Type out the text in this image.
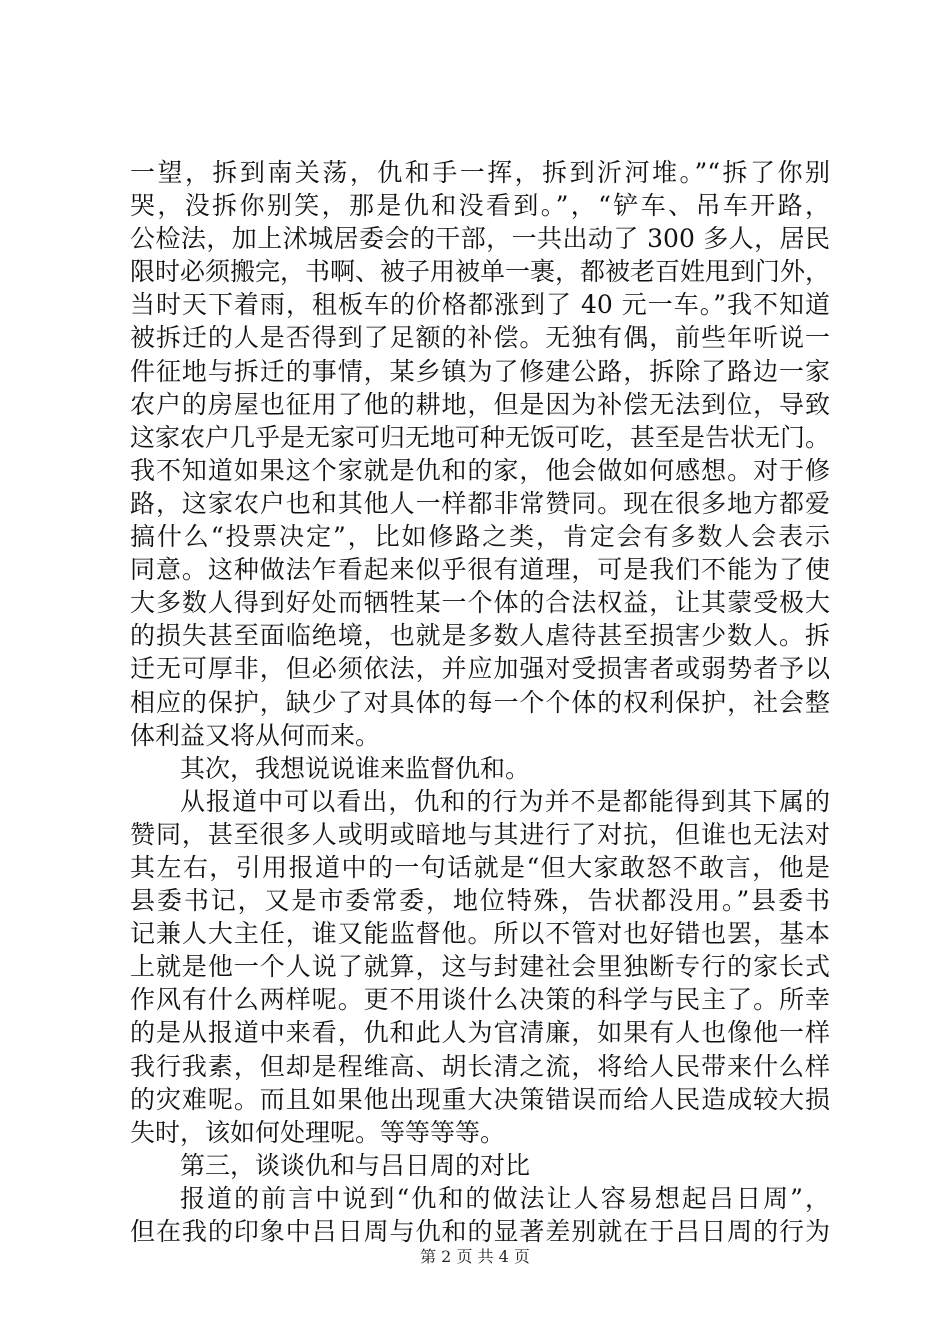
一望，拆到南关荡，仇和手一挥，拆到沂河堆。”“拆了你别
哭，没拆你别笑，那是仇和没看到。”，“铲车、吊车开路，
公检法，加上沭城居委会的干部，一共出动了 300 多人，居民
限时必须搬完，书啊、被子用被单一裹，都被老百姓甩到门外，
当时天下着雨，租板车的价格都涨到了 40 元一车。”我不知道
被拆迁的人是否得到了足额的补偿。无独有偶，前些年听说一
件征地与拆迁的事情，某乡镇为了修建公路，拆除了路边一家
农户的房屋也征用了他的耕地，但是因为补偿无法到位，导致
这家农户几乎是无家可归无地可种无饭可吃，甚至是告状无门。
我不知道如果这个家就是仇和的家，他会做如何感想。对于修
路，这家农户也和其他人一样都非常赞同。现在很多地方都爱
搞什么“投票决定”，比如修路之类，肯定会有多数人会表示
同意。这种做法乍看起来似乎很有道理，可是我们不能为了使
大多数人得到好处而牺牲某一个体的合法权益，让其蒙受极大
的损失甚至面临绝境，也就是多数人虐待甚至损害少数人。拆
迁无可厚非，但必须依法，并应加强对受损害者或弱势者予以
相应的保护，缺少了对具体的每一个个体的权利保护，社会整
体利益又将从何而来。
其次，我想说说谁来监督仇和。
从报道中可以看出，仇和的行为并不是都能得到其下属的
赞同，甚至很多人或明或暗地与其进行了对抗，但谁也无法对
其左右，引用报道中的一句话就是“但大家敢怒不敢言，他是
县委书记，又是市委常委，地位特殊，告状都没用。”县委书
记兼人大主任，谁又能监督他。所以不管对也好错也罢，基本
上就是他一个人说了就算，这与封建社会里独断专行的家长式
作风有什么两样呢。更不用谈什么决策的科学与民主了。所幸
的是从报道中来看，仇和此人为官清廉，如果有人也像他一样
我行我素，但却是程维高、胡长清之流，将给人民带来什么样
的灾难呢。而且如果他出现重大决策错误而给人民造成较大损
失时，该如何处理呢。等等等等。
第三，谈谈仇和与吕日周的对比
报道的前言中说到“仇和的做法让人容易想起吕日周”，
但在我的印象中吕日周与仇和的显著差别就在于吕日周的行为
第 2 页 共 4 页
